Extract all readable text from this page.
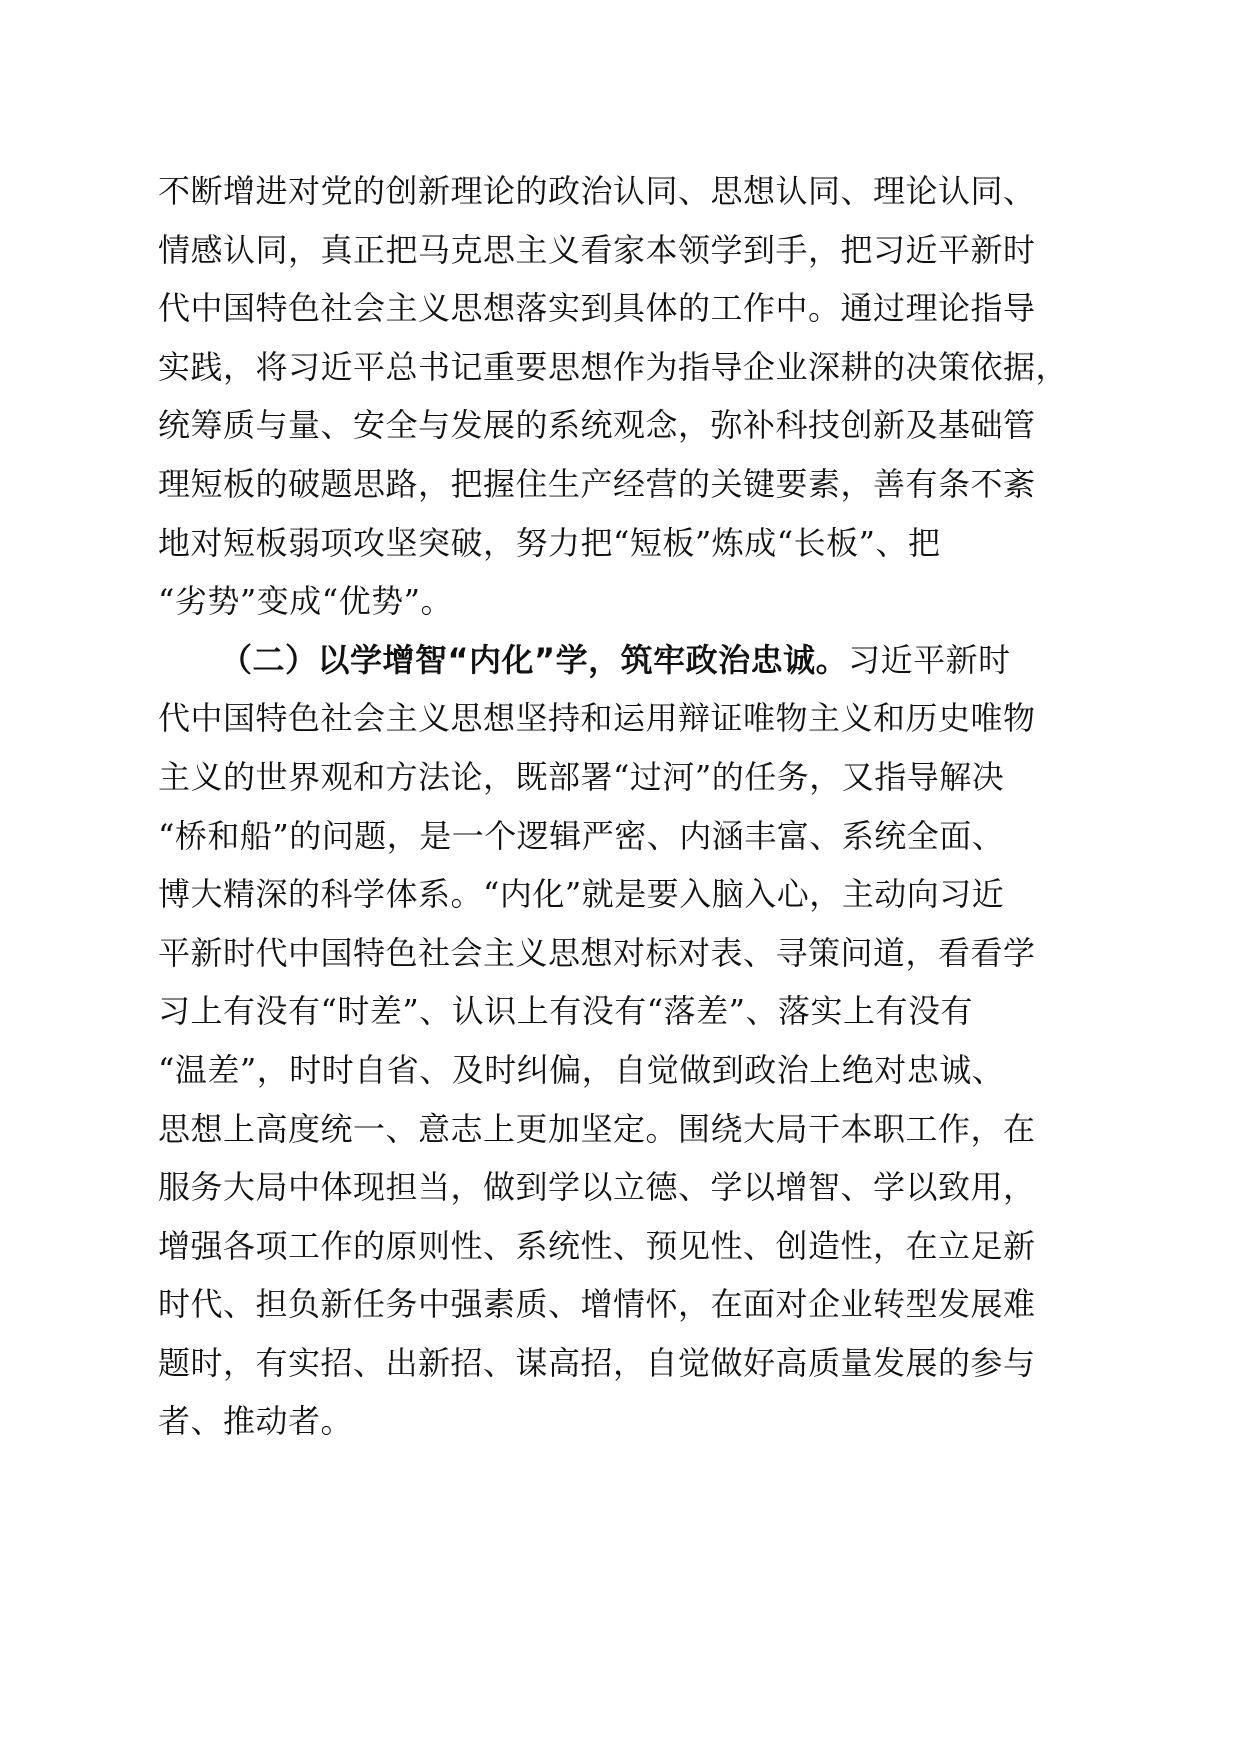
不断增进对党的创新理论的政治认同、思想认同、理论认同、
情感认同，真正把马克思主义看家本领学到手，把习近平新时
代中国特色社会主义思想落实到具体的工作中。通过理论指导
实践，将习近平总书记重要思想作为指导企业深耕的决策依据，
统筹质与量、安全与发展的系统观念，弥补科技创新及基础管
理短板的破题思路，把握住生产经营的关键要素，善有条不紊
地对短板弱项攻坚突破，努力把“短板”炼成“长板”、把
“劣势”变成“优势”。
（二）以学增智“内化”学，筑牢政治忠诚。习近平新时
代中国特色社会主义思想坚持和运用辩证唯物主义和历史唯物
主义的世界观和方法论，既部署“过河”的任务，又指导解决
“桥和船”的问题，是一个逻辑严密、内涵丰富、系统全面、
博大精深的科学体系。“内化”就是要入脑入心，主动向习近
平新时代中国特色社会主义思想对标对表、寻策问道，看看学
习上有没有“时差”、认识上有没有“落差”、落实上有没有
“温差”，时时自省、及时纠偏，自觉做到政治上绝对忠诚、
思想上高度统一、意志上更加坚定。围绕大局干本职工作，在
服务大局中体现担当，做到学以立德、学以增智、学以致用，
增强各项工作的原则性、系统性、预见性、创造性，在立足新
时代、担负新任务中强素质、增情怀，在面对企业转型发展难
题时，有实招、出新招、谋高招，自觉做好高质量发展的参与
者、推动者。
